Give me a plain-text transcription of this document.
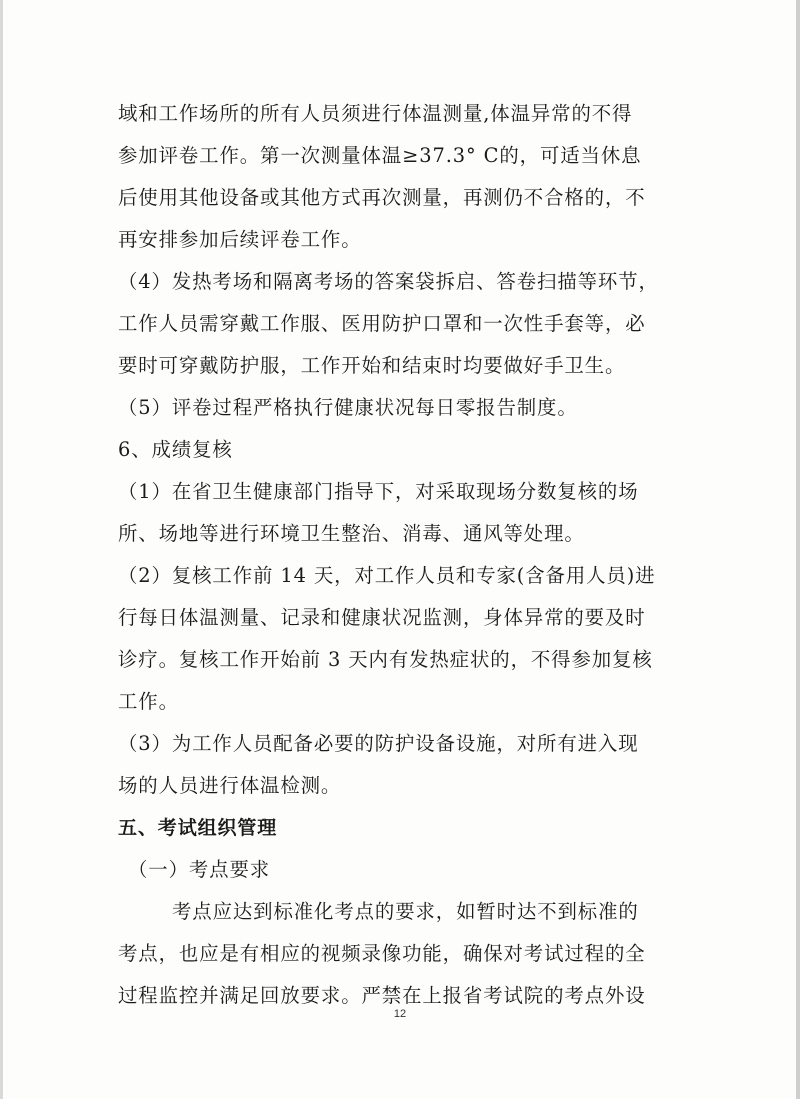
域和工作场所的所有人员须进行体温测量,体温异常的不得
参加评卷工作。第一次测量体温≥37.3° C的，可适当休息
后使用其他设备或其他方式再次测量，再测仍不合格的，不
再安排参加后续评卷工作。
（4）发热考场和隔离考场的答案袋拆启、答卷扫描等环节，
工作人员需穿戴工作服、医用防护口罩和一次性手套等，必
要时可穿戴防护服，工作开始和结束时均要做好手卫生。
（5）评卷过程严格执行健康状况每日零报告制度。
6、成绩复核
（1）在省卫生健康部门指导下，对采取现场分数复核的场
所、场地等进行环境卫生整治、消毒、通风等处理。
（2）复核工作前 14 天，对工作人员和专家(含备用人员)进
行每日体温测量、记录和健康状况监测，身体异常的要及时
诊疗。复核工作开始前 3 天内有发热症状的，不得参加复核
工作。
（3）为工作人员配备必要的防护设备设施，对所有进入现
场的人员进行体温检测。
五、考试组织管理
（一）考点要求
考点应达到标准化考点的要求，如暂时达不到标准的
考点，也应是有相应的视频录像功能，确保对考试过程的全
过程监控并满足回放要求。严禁在上报省考试院的考点外设
12
